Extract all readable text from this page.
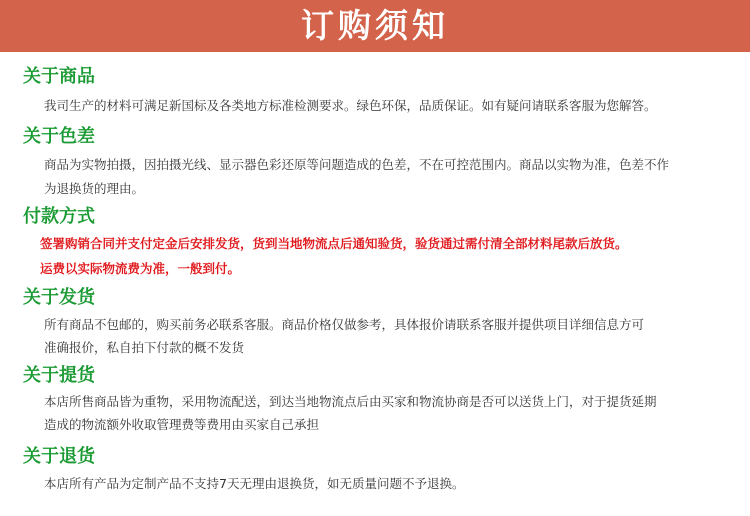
订购须知
关于商品
我司生产的材料可满足新国标及各类地方标准检测要求。绿色环保，品质保证。如有疑问请联系客服为您解答。
关于色差
商品为实物拍摄，因拍摄光线、显示器色彩还原等问题造成的色差，不在可控范围内。商品以实物为准，色差不作
为退换货的理由。
付款方式
签署购销合同并支付定金后安排发货，货到当地物流点后通知验货，验货通过需付清全部材料尾款后放货。
运费以实际物流费为准，一般到付。
关于发货
所有商品不包邮的，购买前务必联系客服。商品价格仅做参考，具体报价请联系客服并提供项目详细信息方可
准确报价，私自拍下付款的概不发货
关于提货
本店所售商品皆为重物，采用物流配送，到达当地物流点后由买家和物流协商是否可以送货上门，对于提货延期
造成的物流额外收取管理费等费用由买家自己承担
关于退货
本店所有产品为定制产品不支持7天无理由退换货，如无质量问题不予退换。
